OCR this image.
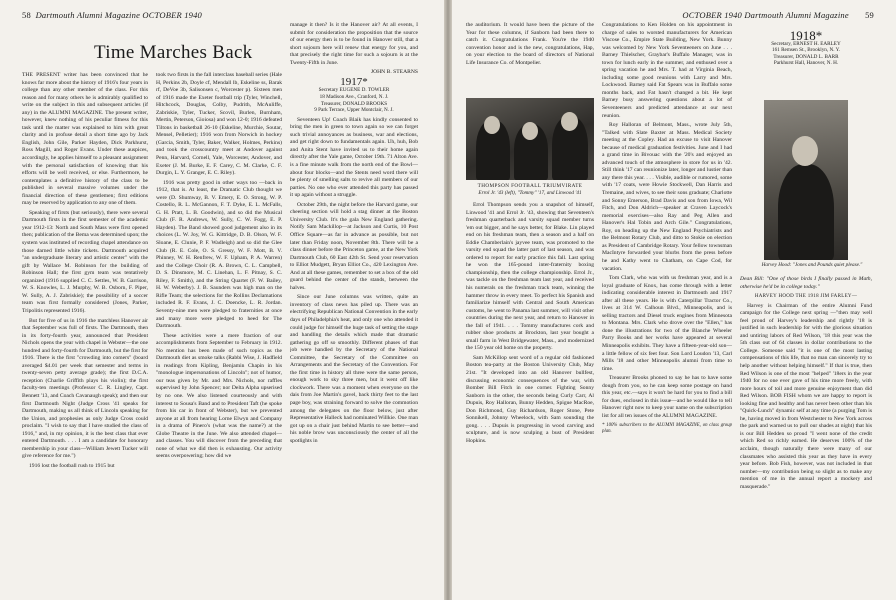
58 Dartmouth Alumni Magazine OCTOBER 1940
Time Marches Back

THE PRESENT writer has been convinced that he knows far more about the history of 1916's four years in college than any other member of the class. For this reason and for many others he is admirably qualified to write on the subject in this and subsequent articles (if any) in the ALUMNI MAGAZINE. The present writer, however, knew nothing of his peculiar fitness for this task until the matter was explained to him with great clarity and in profuse detail a short time ago by Jack English, John Gile, Parker Hayden, Dick Parkhurst, Ross Magill, and Roger Evans. Under these auspices, accordingly, he applies himself to a pleasant assignment with the personal satisfaction of knowing that his efforts will be well received, or else. Furthermore, he contemplates a definitive history of the class to be published in several massive volumes under the financial direction of these gentlemen; first editions may be reserved by application to any one of them.

Speaking of firsts (but seriously), there were several Dartmouth firsts in the first semester of the academic year 1912-13: North and South Mass were first opened then; publication of the Bema was determined upon; the system was instituted of recording chapel attendance on those darned little white tickets. Dartmouth acquired "an undergraduate literary and artistic center" with the gift by Wallace M. Robinson for the building of Robinson Hall; the first gym team was tentatively organized (1916 supplied C. C. Settles, W. B. Garrison, W. S. Knowles, L. J. Murphy, W. B. Osborn, F. Piper, W. Sully, A. J. Zabriskie); the possibility of a soccer team was first formally considered (Jones, Parker, Tripolitis represented 1916).

But for five of us in 1916 the matchless Hanover air that September was full of firsts. The Dartmouth, then in its forty-fourth year, announced that President Nichols opens the year with chapel in Webster—the one hundred and forty-fourth for Dartmouth, but the first for 1916. There is the first "crowding into comers" (board averaged $4.01 per week that semester and terms in twenty-seven petty average grade); the first D.C.A. reception (Charlie Griffith plays his violin); the first faculty-ten meetings (Professor C. R. Lingley, Capt. Bennett '13, and Coach Cavanaugh speak); and then our first Dartmouth Night (Judge Cross '41 speaks for Dartmouth, making us all think of Lincoln speaking for the Union, and prophesies as only Judge Cross could proclaim. "I wish to say that I have studied the class of 1916," and, in my opinion, it is the best class that ever entered Dartmouth. . . . I am a candidate for honorary membership in your class—William Jewett Tucker will give reference for me.")

1916 lost the football rush to 1915 but

took two firsts in the fall interclass baseball series (Hale H, Perkins 2b, Doyle cf, Mendall lb, Eskeline ss, Barak rf, DeVoe 3b, Salisonsen c, Worcester p). Sixteen men of 1916 made the Exeter football trip (Tyler, Winchell, Hitchcock, Douglas, Colby, Pudrith, McAuliffe, Zabriskie, Tyler, Tucker, Scovil, Burlen, Burnham, Mertin, Peterson, Gioiosa) and won 12-0; 1916 defeated Tiltons in basketball 26-10 (Eskeline, Murchie, Soutar, Mensel, Pelletier); 1916 won from Norwich in hockey (Garcia, Smith, Tyler, Baker, Walker, Holmes, Perkins) and took the crosscountry meet at Andover against Penn, Harvard, Cornell, Yale, Worcester, Andover, and Exeter (J. M. Burke, E. F. Carey, C. M. Clarke, C. F. Durgin, L. Y. Granger, E. C. Riley).

1916 was pretty good in other ways too —back in 1912, that is. At least, the Dramatic Club thought we were (D. Shumway, B. V. Emery, E. O. Strong, W. P. Costello, R. L. McGannon, F. T. Dyke, E. L. McFalls, G. H. Pratt, L. B. Goodwin), and so did the Musical Club (F. R. Andrews, W. Sully, C. W. Fogg, E. P. Hayden). The Band showed good judgement also in its choices (L. W. Joy, W. G. Kittridge, D. B. Olson, W. F. Sloane, E. Clunie, P. F. Wadleigh) and so did the Glee Club (R. E. Cole, O. S. Gressy, W. F. Mott, B. V. Phinney, W. H. Renfrew, W. F. Upham, P. A. Warren) and the College Choir (R. A. Brown, C. L. Campbell, D. S. Dinsmore, M. C. Linehan, L. F. Pitnay, S. C. Riley, F. Smith), and the String Quartet (F. W. Bailey, H. W. Weberby). J. B. Saunders was high man on the Rifle Team; the selections for the Rollins Declamations included R. F. Evans, J. C. Doencke, L. R. Jordan. Seventy-nine men were pledged to fraternities at once and many more were pledged to heed for The Dartmouth.

These activities were a mere fraction of our accomplishments from September to February in 1912. No mention has been made of such topics as the Dartmouth diet as smoke talks (Rabbi Wise, J. Hadfield in readings from Kipling, Benjamin Chapin in his "monologue impersonations of Lincoln"; not of humor, our teas given by Mr. and Mrs. Nichols, nor raffles supervised by John Spencer; nor Delta Alpha upserised by no one. We also listened courteously and with interest to Sousa's Band and to President Taft (he spoke from his car in front of Webster), but we prevented anyone at all from hearing Lorne Elwyn and Company in a drama of Pinero's (what was the name?) at the Globe Theatre in the June. We also attended chapel—and classes. You will discover from the preceding that none of what we did then is exhausting. Our activity seems overpowering; how did we

manage it then? Is it the Hanover air? At all events, I submit for consideration the proposition that the source of our energy then is to be found in Hanover still, that a short sojourn here will renew that energy for you, and that precisely the right time for such a sojourn is at the Twenty-Fifth in June.

JOHN B. STEARNS
1917*
Secretary EUGENE D. TOWLER
18 Madison Ave., Cranford, N. J.
Treasurer, DONALD BROOKS
9 Park Terrace, Upper Montclair, N. J.

Seventeen Up! Coach Blaik has kindly consented to bring the men in green to town again so we can forget such trivial annoyances as business, war and elections, and get right down to fundamentals again. Uh, huh, Bob and Anita Stent have invited us to their home again directly after the Yale game, October 19th. 71 Alton Ave. is a fine minute walk from the north end of the Bowl—about four blocks—and the Stents need word there will be plenty of smelling salts to revive all members of our parties. No one who ever attended this party has passed it up again without a struggle.

October 29th, the night before the Harvard game, our cheering section will hold a stag dinner at the Boston University Club. It's the gala New England gathering. Notify Sam Mackillop—at Jackson and Curtis, 10 Post Office Square—as far in advance as possible, but not later than Friday noon, November 8th. There will be a class dinner before the Princeton game, at the New York Dartmouth Club, 60 East 42th St. Send your reservation to Elliot Mudgett, Bryan Elliot Co., 420 Lexington Ave. And at all these games, remember to set a box of the old guard behind the center of the stands, between the halves.

Since our June columns was written, quite an inventory of class news has piled up. There was an electrifying Republican National Convention in the early days of Philadelphia's heat, and only one who attended it could judge for himself the huge task of setting the stage and handling the details which made that dramatic gathering go off so smoothly. Different phases of that job were handled by the Secretary of the National Committee, the Secretary of the Committee on Arrangements and the Secretary of the Convention. For the first time in history all three were the same person, enough work to sky three men, but it went off like clockwork. There was a moment when everyone on the dais from Joe Martin's gavel, back thirty feet to the last page boy, was straining forward to solve the commotion among the delegates on the floor below, just after Representative Halleck had nominated Willkie. One man got up on a chair just behind Martin to see better—and his noble brow was unconsciously the center of all the spotlights in

OCTOBER 1940 Dartmouth Alumni Magazine 59

the auditorium. It would have been the picture of the Year for these columns, if Sanborn had been there to catch it. Congratulations Frank. You're the 1940 convention honor and is the new, congratulations, Hap, on your election to the board of directors of National Life Insurance Co. of Montpelier.

THOMPSON FOOTBALL TRIUMVIRATE
Errol Jr. '43 (left), "Tommy" '17, and Linwood '41

Errol Thompson sends you a snapshot of himself, Linwood '41 and Errol Jr. '43, showing that Seventeen's freshman quarterback and varsity squad member turns 'em out bigger, and he says better, for Blake. Lin played end on his freshman team, then a season and a half on Eddie Chamberlain's jayvee team, was promoted to the varsity end squad the latter part of last season, and was ordered to report for early practice this fall. Last spring he won the 165-pound inter-fraternity boxing championship, then the college championship. Errol Jr., was tackle on the freshman team last year, and received his numerals on the freshman track team, winning the hammer throw in every meet. To perfect his Spanish and familiarize himself with Central and South American customs, he went to Panama last summer, will visit other countries during the next year, and return to Hanover in the fall of 1941. . . . Tommy manufactures cork and rubber shoe products at Brockton, last year bought a small farm in West Bridgewater, Mass., and modernized the 150 year old home on the property.

Sam McKillop sent word of a regular old fashioned Boston tea-party at the Boston University Club, May 21st. "It developed into an old Hanover bullfest, discussing economic consequences of the war, with Bomber Bill Fitch in one corner. Fighting Sonny Sanborn in the other, the seconds being Curly Carr, Al Dupuis, Roy Halloran, Bunny Hedden, Spigue MacRoe, Don Richmond, Guy Richardson, Roger Stone, Pete Sonnikell, Johnny Wheelock, with Sam sounding the gong. . . . Dupuis is progressing in wood carving and sculpture, and is now sculping a bust of President Hopkins.

Congratulations to Ken Holden on his appointment in charge of sales to worsted manufacturers for American Viscose Co., Empire State Building, New York. Bunny was welcomed by New York Seventeeners on June . . . Barney Thielscher, Graybar's Buffalo Manager, was in town for lunch early in the summer, and enthused over a spring vacation he and Mrs. T. had at Virginia Beach, including some good reunions with Larry and Mrs. Lockwood. Barney said Fat Spears was in Buffalo some months back, and Fat hasn't changed a bit. He kept Barney busy answering questions about a lot of Seventeeners and predicted attendance at our next reunion.

Roy Halloran of Belmont, Mass., wrote July 5th, "Talked with Slate Baxter at Mass. Medical Society meeting at the Copley. Had an excuse to visit Hanover because of medical graduation festivities. June and I had a grand time in Bivouac with the '20's and enjoyed an advanced touch of the atmosphere in store for us in '42. Still think '17 can reunionize later, longer and lustier than any there this year. . . . Visible, audible or rumored, some with '17 coats, were Howie Stockwell, Dan Harris and Tremaine, and wives, to see their sons graduate; Charlotte and Sonny Emerson, Brad Davis and son from Iowa, Wil Fitch, and Don Aldrich—speaker at Craven Laycock's memorial exercises—also Ray and Peg Allen and Hanover's Hal Tobin and Arch Gile." Congratulations, Roy, on heading up the New England Psychiatrists and the Belmont Rotary Club, and ditto to Stokie on election as President of Cambridge Rotary. Your fellow townsman MacIntyre forwarded your blurbs from the press before he and Kathy went to Chatham, on Cape Cod, for vacation.

Tom Clark, who was with us freshman year, and is a loyal graduate of Knox, has come through with a letter indicating considerable interest in Dartmouth and 1917 after all these years. He is with Caterpillar Tractor Co., lives at 314 W. Calhoun Blvd., Minneapolis, and is selling tractors and Diesel truck engines from Minnesota to Montana. Mrs. Clark who drove over the "Ellen," has done the illustrations for two of the Blanche Wheeler Parry Books and her works have appeared at several Minneapolis exhibits. They have a fifteen-year-old son—a little fellow of six feet four. Son Lord Loudon '13, Carl Mills '18 and other Minneapolis alumni from time to time.

Treasurer Brooks phoned to say he has to have some dough from you, so he can keep some postage on hand this year, etc.—says it won't be hard for you to find a bill for dues, enclosed in this issue—and he would like to tell Hanover right now to keep your name on the subscription list for all ten issues of the ALUMNI MAGAZINE.

* 100% subscribers to the ALUMNI MAGAZINE, on class group plan.
1918*
Secretary, ERNEST H. EARLEY
161 Remsen St., Brooklyn, N. Y.
Treasurer, DONALD L. BARR
Parkhurst Hall, Hanover, N. H.
Harvey Hood: "Jones and Pounds quiet please."

Dean Bill: "One of those birds I finally passed in Math, otherwise he'd be in college today."

HARVEY HOOD THE 1918 JIM FARLEY—

Harvey is Chairman of the entire Alumni Fund campaign for the College next spring —"then may well feel proud of Harvey's leadership and rightly '18 is justified in such leadership for with the glorious situation and untiring labors of Red Wilson, '18 this year was the 5th class out of 64 classes in dollar contributions to the College. Someone said "it is one of the most lasting compensations of this life, that no man can sincerely try to help another without helping himself." If that is true, then Red Wilson is one of the most "helped" '18ers in the year 1940 for no one ever gave of his time more freely, with more hours of toil and more genuine enjoyment than did Red Wilson. BOB FISH whom we are happy to report is looking fine and healthy and has never been other than his "Quick-Lunch" dynamic self at any time (a purging Tom is he, having moved in from Westchester to New York across the park and warned us to pull our shades at night) that his is our Bill Hedden so proud "I went none of the credit which Red so richly earned. He deserves 100% of the acclaim, though naturally there were many of our classmates who assisted this year as they have in every year before. Bob Fish, however, was not included in that number—my contribution being so slight as to make any mention of me in the annual report a mockery and masquerade."
